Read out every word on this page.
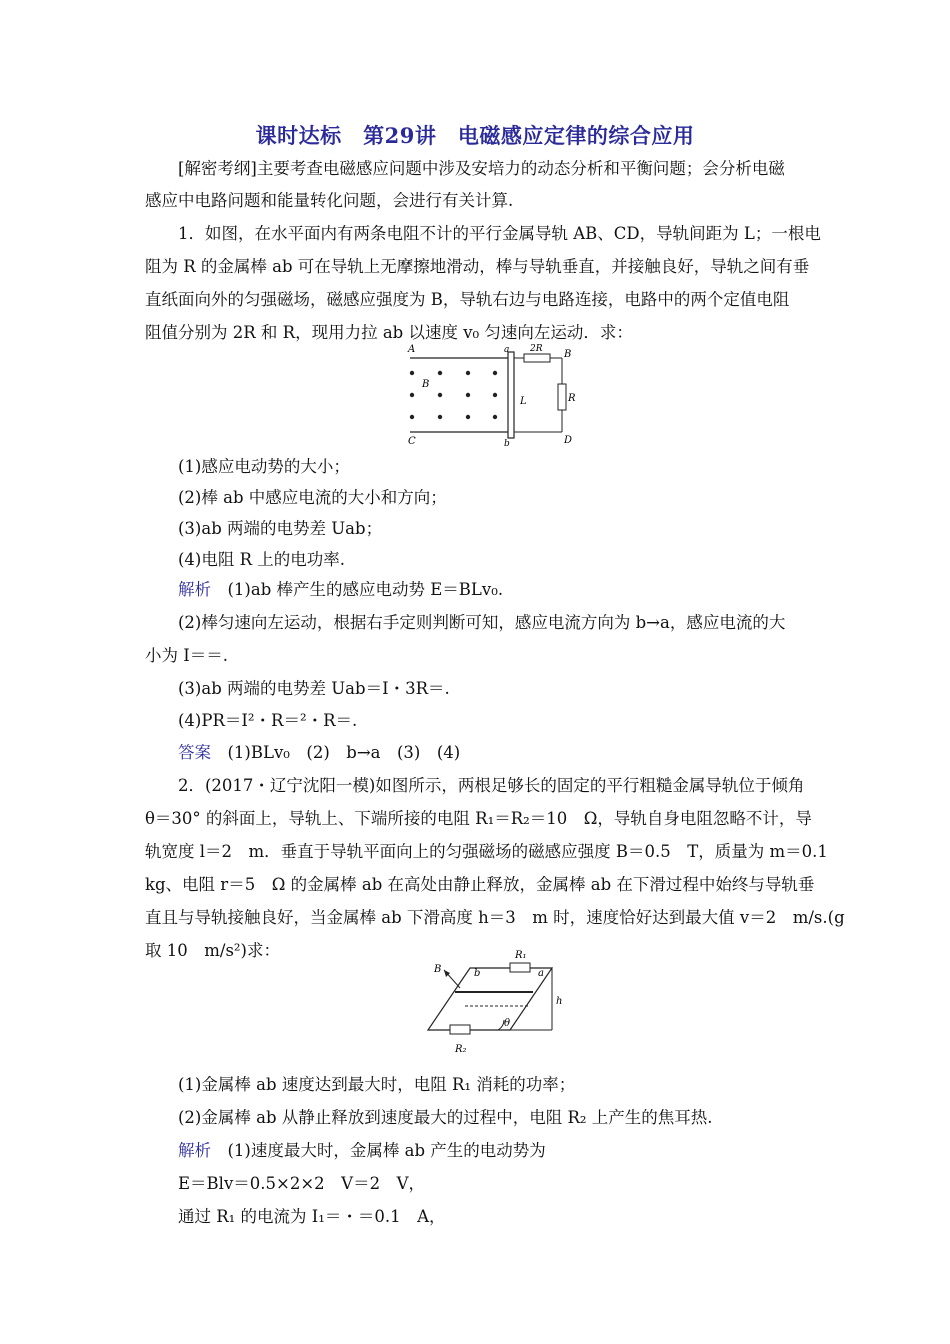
课时达标　第29讲　电磁感应定律的综合应用
[解密考纲]主要考查电磁感应问题中涉及安培力的动态分析和平衡问题；会分析电磁
感应中电路问题和能量转化问题，会进行有关计算.
1．如图，在水平面内有两条电阻不计的平行金属导轨 AB、CD，导轨间距为 L；一根电
阻为 R 的金属棒 ab 可在导轨上无摩擦地滑动，棒与导轨垂直，并接触良好，导轨之间有垂
直纸面向外的匀强磁场，磁感应强度为 B，导轨右边与电路连接，电路中的两个定值电阻
阻值分别为 2R 和 R，现用力拉 ab 以速度 v₀ 匀速向左运动．求：
A
B
C
a
b
L
2R B
R
D
(1)感应电动势的大小；
(2)棒 ab 中感应电流的大小和方向；
(3)ab 两端的电势差 Uab；
(4)电阻 R 上的电功率.
解析　(1)ab 棒产生的感应电动势 E＝BLv₀.
(2)棒匀速向左运动，根据右手定则判断可知，感应电流方向为 b→a，感应电流的大
小为 I＝＝.
(3)ab 两端的电势差 Uab＝I・3R＝.
(4)PR＝I²・R＝²・R＝.
答案　(1)BLv₀　(2)　b→a　(3)　(4)
2．(2017・辽宁沈阳一模)如图所示，两根足够长的固定的平行粗糙金属导轨位于倾角
θ＝30° 的斜面上，导轨上、下端所接的电阻 R₁＝R₂＝10　Ω，导轨自身电阻忽略不计，导
轨宽度 l＝2　m．垂直于导轨平面向上的匀强磁场的磁感应强度 B＝0.5　T，质量为 m＝0.1
kg、电阻 r＝5　Ω 的金属棒 ab 在高处由静止释放，金属棒 ab 在下滑过程中始终与导轨垂
直且与导轨接触良好，当金属棒 ab 下滑高度 h＝3　m 时，速度恰好达到最大值 v＝2　m/s.(g
取 10　m/s²)求：	R₁
R₂
B	b	a
h
θ
(1)金属棒 ab 速度达到最大时，电阻 R₁ 消耗的功率；
(2)金属棒 ab 从静止释放到速度最大的过程中，电阻 R₂ 上产生的焦耳热.
解析　(1)速度最大时，金属棒 ab 产生的电动势为
E＝Blv＝0.5×2×2　V＝2　V，
通过 R₁ 的电流为 I₁＝・＝0.1　A，
